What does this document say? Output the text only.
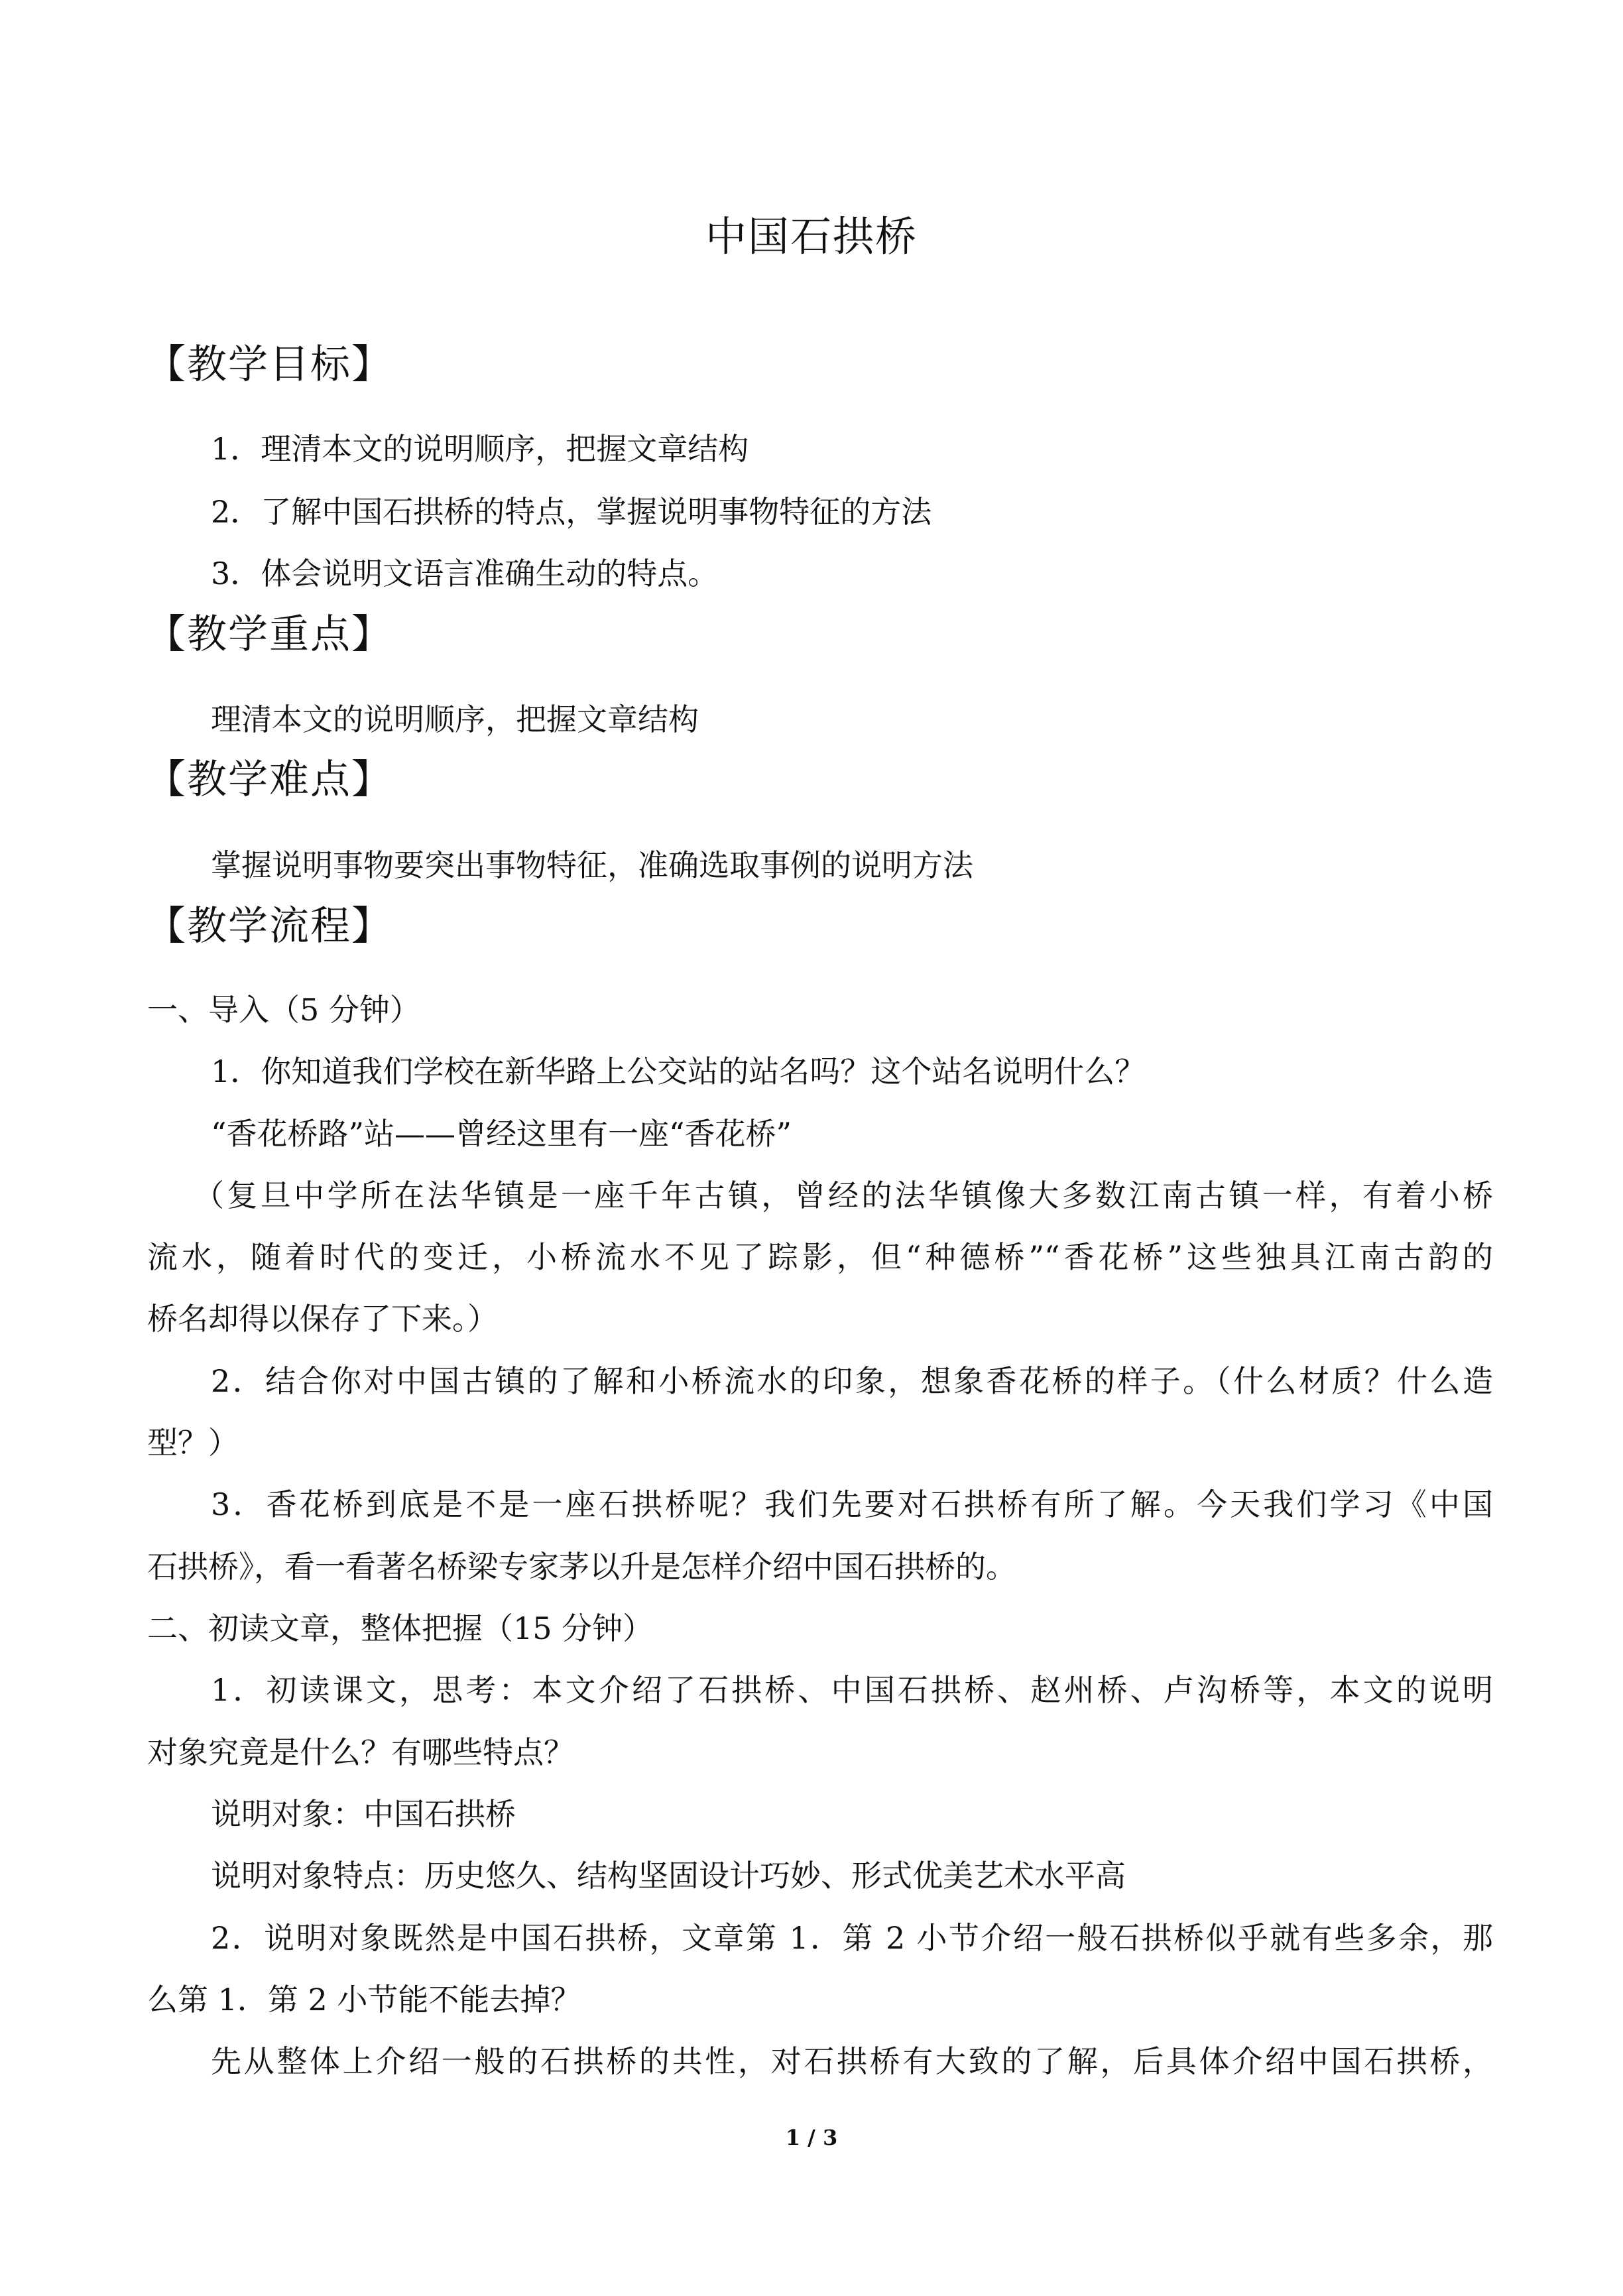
中国石拱桥
【教学目标】
1．理清本文的说明顺序，把握文章结构
2．了解中国石拱桥的特点，掌握说明事物特征的方法
3．体会说明文语言准确生动的特点。
【教学重点】
理清本文的说明顺序，把握文章结构
【教学难点】
掌握说明事物要突出事物特征，准确选取事例的说明方法
【教学流程】
一、导入（5 分钟）
1．你知道我们学校在新华路上公交站的站名吗？这个站名说明什么？
“香花桥路”站——曾经这里有一座“香花桥”
（复旦中学所在法华镇是一座千年古镇，曾经的法华镇像大多数江南古镇一样，有着小桥
流水，随着时代的变迁，小桥流水不见了踪影，但“种德桥”“香花桥”这些独具江南古韵的
桥名却得以保存了下来。）
2．结合你对中国古镇的了解和小桥流水的印象，想象香花桥的样子。（什么材质？什么造
型？）
3．香花桥到底是不是一座石拱桥呢？我们先要对石拱桥有所了解。今天我们学习《中国
石拱桥》，看一看著名桥梁专家茅以升是怎样介绍中国石拱桥的。
二、初读文章，整体把握（15 分钟）
1．初读课文，思考：本文介绍了石拱桥、中国石拱桥、赵州桥、卢沟桥等，本文的说明
对象究竟是什么？有哪些特点？
说明对象：中国石拱桥
说明对象特点：历史悠久、结构坚固设计巧妙、形式优美艺术水平高
2．说明对象既然是中国石拱桥，文章第 1．第 2 小节介绍一般石拱桥似乎就有些多余，那
么第 1．第 2 小节能不能去掉？
先从整体上介绍一般的石拱桥的共性，对石拱桥有大致的了解，后具体介绍中国石拱桥，
1 / 3
